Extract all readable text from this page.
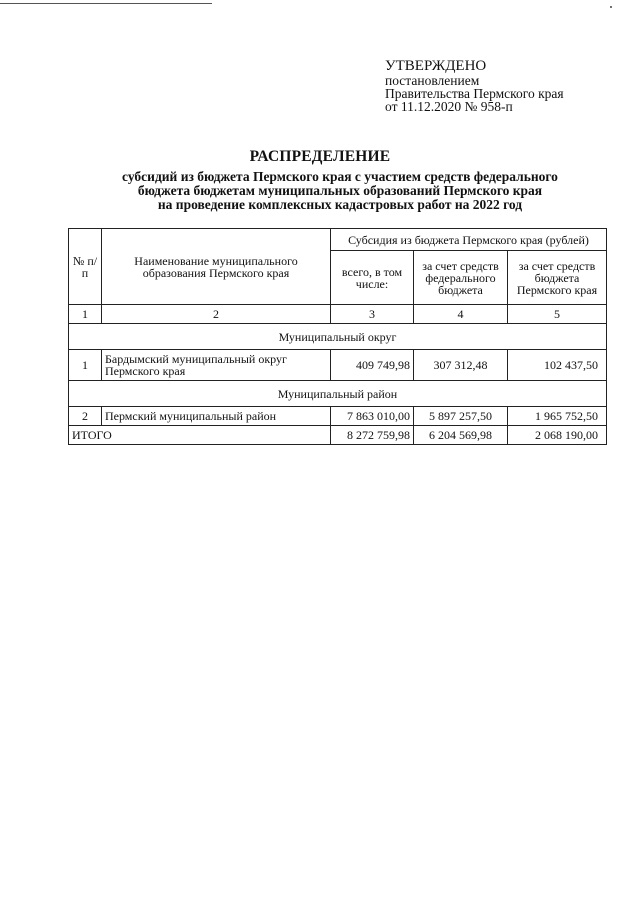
УТВЕРЖДЕНО
постановлением
Правительства Пермского края
от 11.12.2020 № 958-п
РАСПРЕДЕЛЕНИЕ
субсидий из бюджета Пермского края с участием средств федерального
бюджета бюджетам муниципальных образований Пермского края
на проведение комплексных кадастровых работ на 2022 год
№ п/п	Наименование муниципального образования Пермского края	Субсидия из бюджета Пермского края (рублей)		
		всего, в том числе:	за счет средств федерального бюджета	за счет средств бюджета Пермского края
1	2	3	4	5
Муниципальный округ				
1	Бардымский муниципальный округ Пермского края	409 749,98	307 312,48	102 437,50
Муниципальный район				
2	Пермский муниципальный район	7 863 010,00	5 897 257,50	1 965 752,50
ИТОГО		8 272 759,98	6 204 569,98	2 068 190,00
